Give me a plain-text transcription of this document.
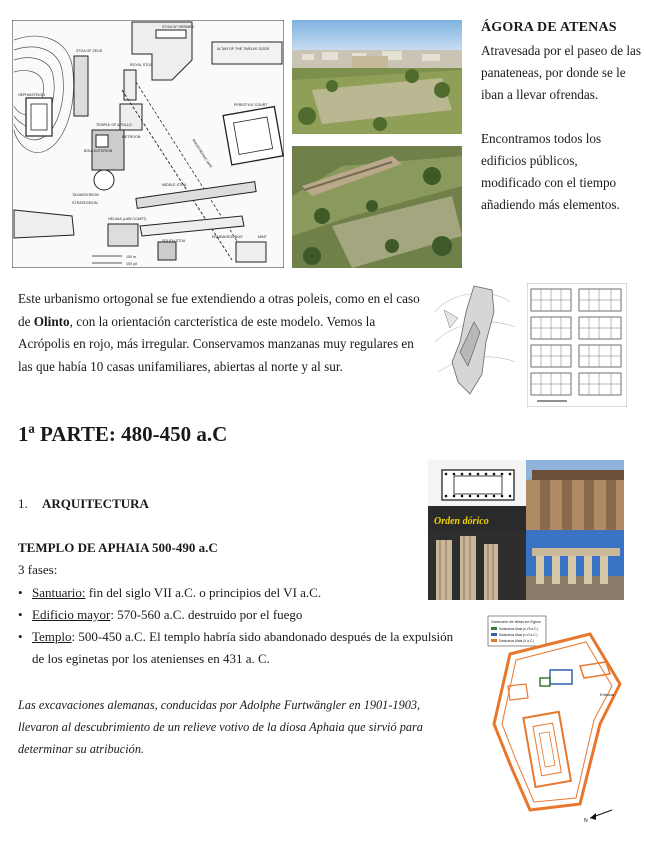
STOA OF HERMES
ALTAR OF THE TWELVE GODS
HEPHAISTEION
STOA OF ZEUS
ROYAL STOA
TEMPLE OF APOLLO
BOULEUTERION
METROON
TAXIARCHEION
STRATEGEION
PERISTYLE COURT
MIDDLE STOA
SOUTH STOA
HELIAIA (LAW COURT)
ENNEAKROUNOS	MINT
PANATHENAIC WAY
100 m
100 yd
ÁGORA DE ATENAS

Atravesada por el paseo de las panateneas, por donde se le iban a llevar ofrendas.

Encontramos todos los edificios públicos, modificado con el tiempo añadiendo más elementos.

Este urbanismo ortogonal se fue extendiendo a otras poleis, como en el caso de Olinto, con la orientación carcterística de este modelo. Vemos la Acrópolis en rojo, más irregular. Conservamos manzanas muy regulares en las que había 10 casas unifamiliares, abiertas al norte y al sur.
1ª PARTE: 480-450 a.C
1. ARQUITECTURA
Orden dórico
TEMPLO DE APHAIA 500-490 a.C
3 fases:
• Santuario: fin del siglo VII a.C. o principios del VI a.C.
• Edificio mayor: 570-560 a.C. destruido por el fuego
• Templo: 500-450 a.C. El templo habría sido abandonado después de la expulsión de los eginetas por los atenienses en 431 a. C.
Las excavaciones alemanas, conducidas por Adolphe Furtwängler en 1901-1903, llevaron al descubrimiento de un relieve votivo de la diosa Aphaia que sirvió para determinar su atribución.
Santuario de Afaia en Egina
Santuarios Afaia (s.VII a.C.)
Santuarios Afaia (s.VI a.C.)
Santuarios Afaia (V a.C.)
Entrada
N
